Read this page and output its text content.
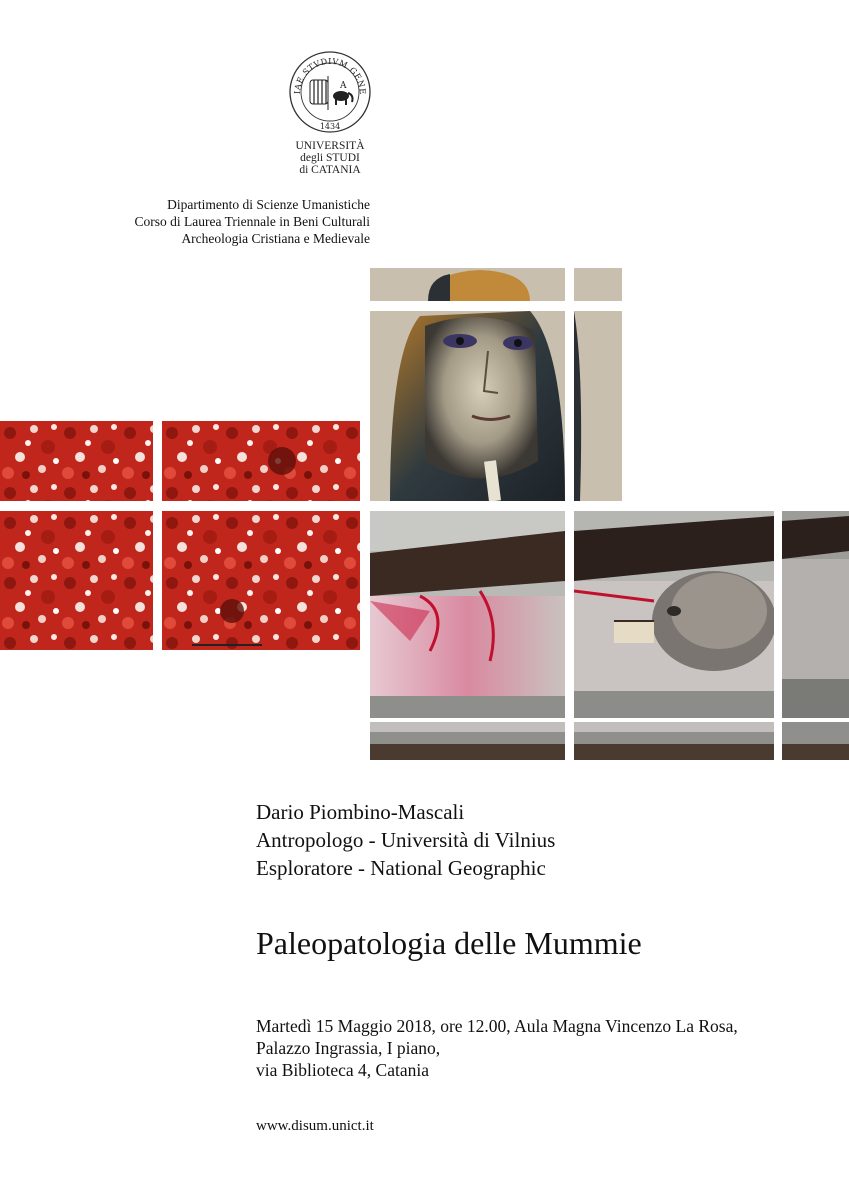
IAE STVDIVM GENE
A
1434
UNIVERSITÀ
degli STUDI
di CATANIA
Dipartimento di Scienze Umanistiche
Corso di Laurea Triennale in Beni Culturali
Archeologia Cristiana e Medievale
Dario Piombino-Mascali
Antropologo - Università di Vilnius
Esploratore - National Geographic
Paleopatologia delle Mummie
Martedì 15 Maggio 2018, ore 12.00, Aula Magna Vincenzo La Rosa,
Palazzo Ingrassia, I piano,
via Biblioteca 4, Catania
www.disum.unict.it
